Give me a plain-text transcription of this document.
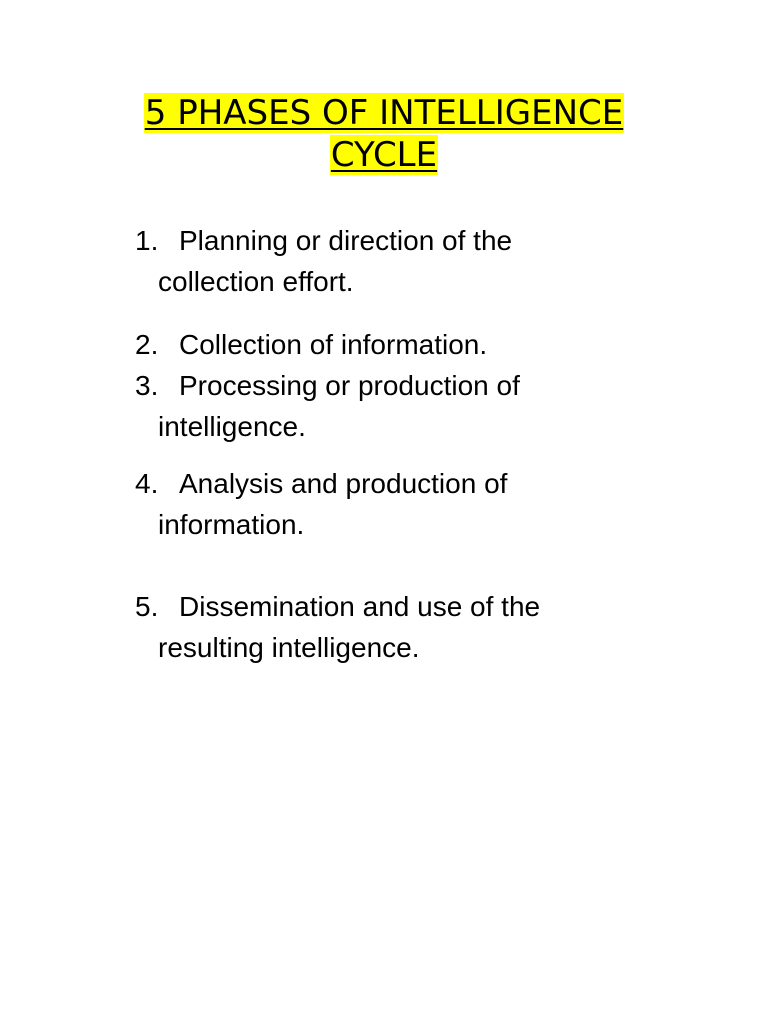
5 PHASES OF INTELLIGENCE
CYCLE
1. Planning or direction of the
collection effort.
2. Collection of information.
3. Processing or production of
intelligence.
4. Analysis and production of
information.
5. Dissemination and use of the
resulting intelligence.
